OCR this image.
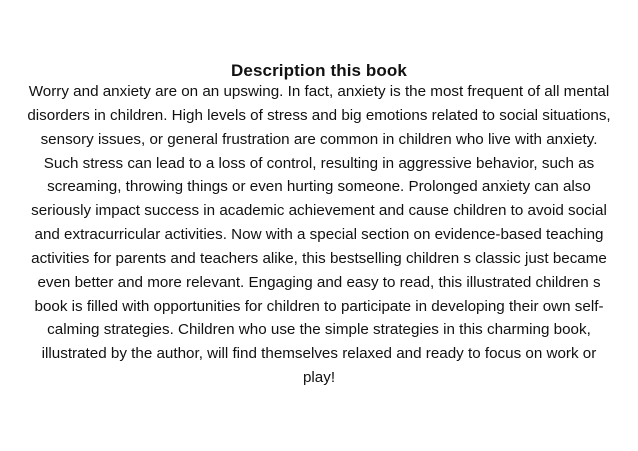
Description this book
Worry and anxiety are on an upswing. In fact, anxiety is the most frequent of all mental
disorders in children. High levels of stress and big emotions related to social situations,
sensory issues, or general frustration are common in children who live with anxiety.
Such stress can lead to a loss of control, resulting in aggressive behavior, such as
screaming, throwing things or even hurting someone. Prolonged anxiety can also
seriously impact success in academic achievement and cause children to avoid social
and extracurricular activities. Now with a special section on evidence-based teaching
activities for parents and teachers alike, this bestselling children s classic just became
even better and more relevant. Engaging and easy to read, this illustrated children s
book is filled with opportunities for children to participate in developing their own self-
calming strategies. Children who use the simple strategies in this charming book,
illustrated by the author, will find themselves relaxed and ready to focus on work or
play!
